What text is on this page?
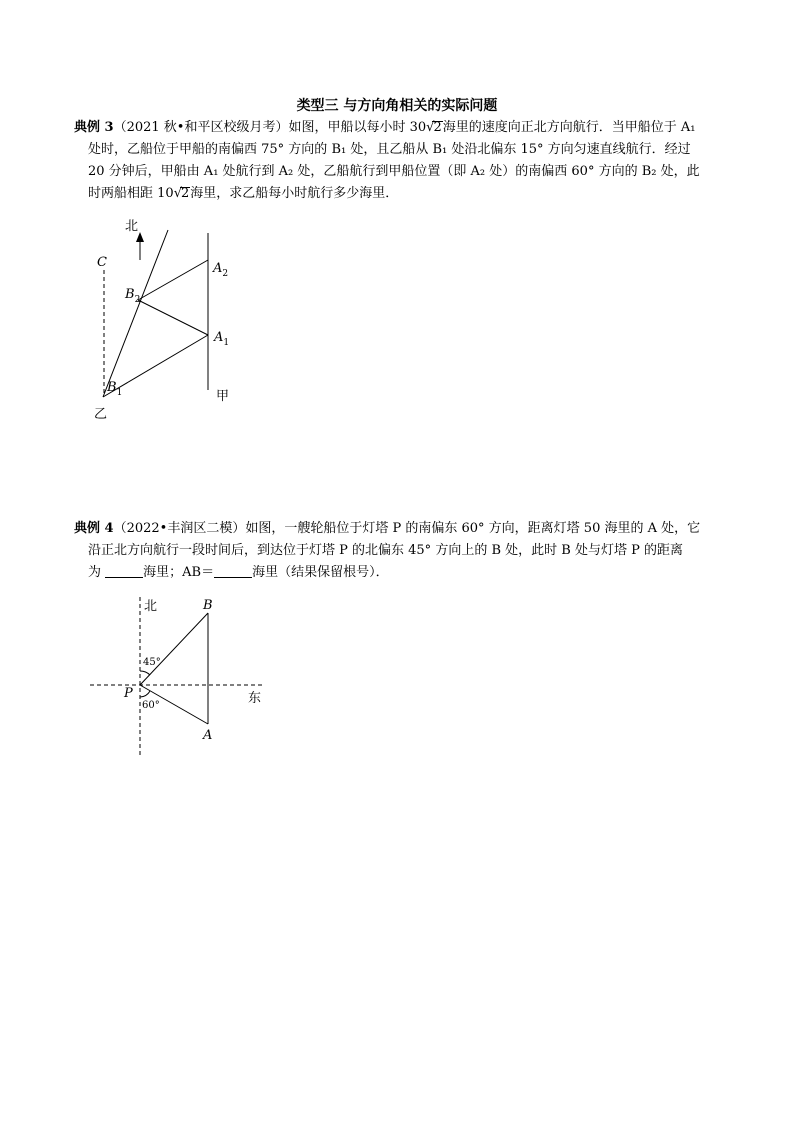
类型三 与方向角相关的实际问题
典例 3（2021 秋•和平区校级月考）如图，甲船以每小时 30√2海里的速度向正北方向航行．当甲船位于 A₁
处时，乙船位于甲船的南偏西 75° 方向的 B₁ 处，且乙船从 B₁ 处沿北偏东 15° 方向匀速直线航行．经过
20 分钟后，甲船由 A₁ 处航行到 A₂ 处，乙船航行到甲船位置（即 A₂ 处）的南偏西 60° 方向的 B₂ 处，此
时两船相距 10√2海里，求乙船每小时航行多少海里．
北
C	$A_2$
$B_2$
$A_1$
$B_1$	甲
乙
北	B
45°
P	东
60°
A
典例 4（2022•丰润区二模）如图，一艘轮船位于灯塔 P 的南偏东 60° 方向，距离灯塔 50 海里的 A 处，它
沿正北方向航行一段时间后，到达位于灯塔 P 的北偏东 45° 方向上的 B 处，此时 B 处与灯塔 P 的距离
为	海里；AB＝	海里（结果保留根号）．
